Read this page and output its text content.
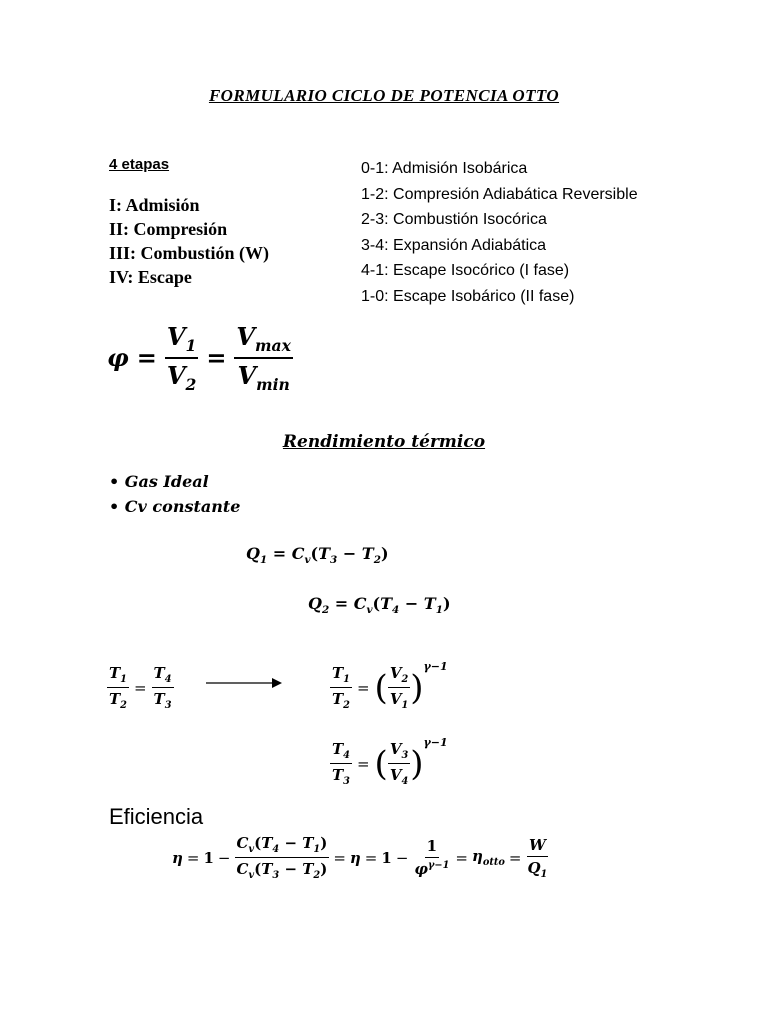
FORMULARIO CICLO DE POTENCIA OTTO
4 etapas
I: Admisión
II: Compresión
III: Combustión (W)
IV: Escape
0-1: Admisión Isobárica
1-2: Compresión Adiabática Reversible
2-3: Combustión Isocórica
3-4: Expansión Adiabática
4-1: Escape Isocórico (I fase)
1-0: Escape Isobárico (II fase)
$\varphi = \frac{V_1}{V_2} = \frac{V_{max}}{V_{min}}$
Rendimiento térmico
• Gas Ideal
• Cv constante
$Q_1 = C_v(T_3 - T_2)$
$Q_2 = C_v(T_4 - T_1)$
$\frac{T_1}{T_2} = \frac{T_4}{T_3}$	$\frac{T_1}{T_2}$ = ( $\frac{V_2}{V_1}$ )
γ−1
$\frac{T_4}{T_3}$ = ( $\frac{V_3}{V_4}$ )
γ−1
Eficiencia
$\eta = 1 - \frac{C_v(T_4 - T_1)}{C_v(T_3 - T_2)} = \eta = 1 - \frac{1}{\varphi^{\gamma-1}} = \eta_{otto} = \frac{W}{Q_1}$
